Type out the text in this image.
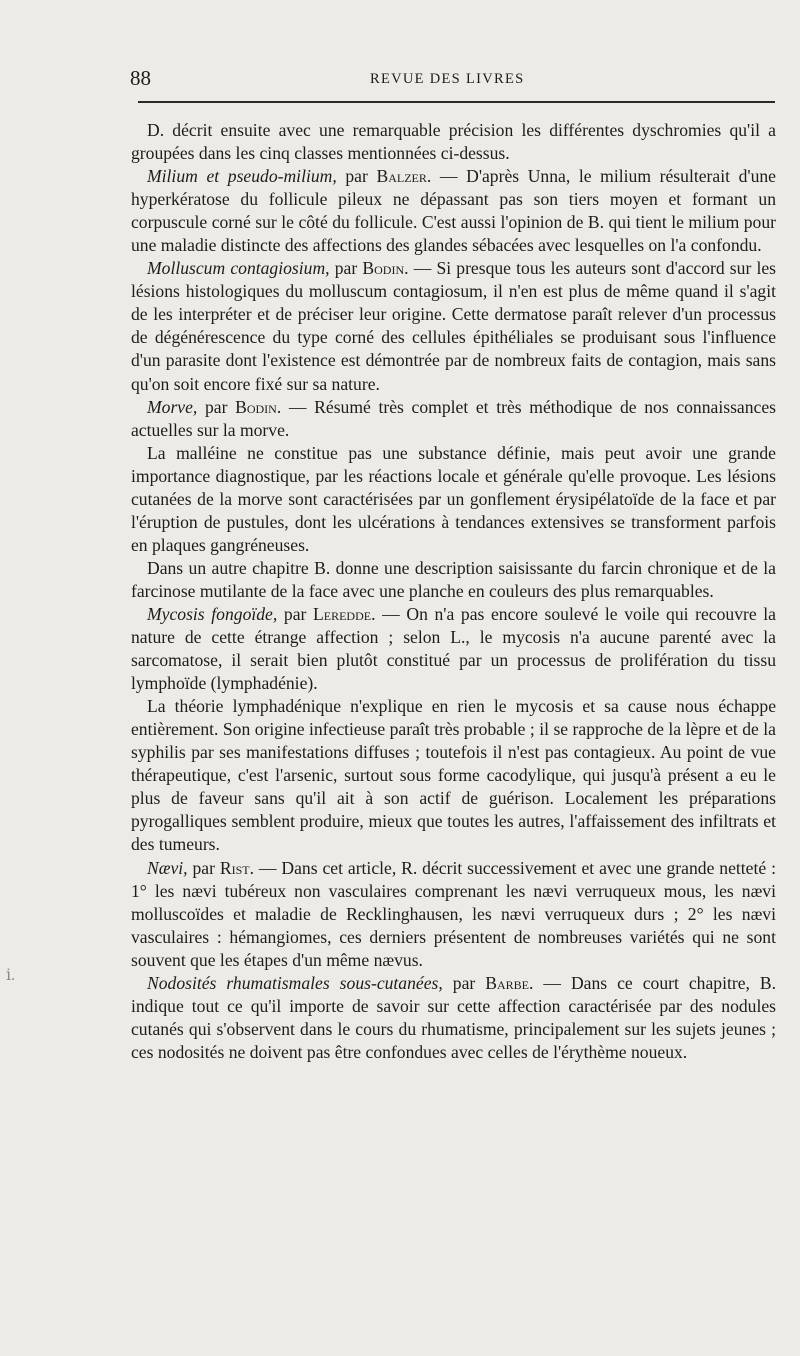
88	REVUE DES LIVRES

D. décrit ensuite avec une remarquable précision les différentes dyschromies qu'il a groupées dans les cinq classes mentionnées ci-dessus.

Milium et pseudo-milium, par Balzer. — D'après Unna, le milium résulterait d'une hyperkératose du follicule pileux ne dépassant pas son tiers moyen et formant un corpuscule corné sur le côté du follicule. C'est aussi l'opinion de B. qui tient le milium pour une maladie distincte des affections des glandes sébacées avec lesquelles on l'a confondu.

Molluscum contagiosium, par Bodin. — Si presque tous les auteurs sont d'accord sur les lésions histologiques du molluscum contagiosum, il n'en est plus de même quand il s'agit de les interpréter et de préciser leur origine. Cette dermatose paraît relever d'un processus de dégénérescence du type corné des cellules épithéliales se produisant sous l'influence d'un parasite dont l'existence est démontrée par de nombreux faits de contagion, mais sans qu'on soit encore fixé sur sa nature.

Morve, par Bodin. — Résumé très complet et très méthodique de nos connaissances actuelles sur la morve.

La malléine ne constitue pas une substance définie, mais peut avoir une grande importance diagnostique, par les réactions locale et générale qu'elle provoque. Les lésions cutanées de la morve sont caractérisées par un gonflement érysipélatoïde de la face et par l'éruption de pustules, dont les ulcérations à tendances extensives se transforment parfois en plaques gangréneuses.

Dans un autre chapitre B. donne une description saisissante du farcin chronique et de la farcinose mutilante de la face avec une planche en couleurs des plus remarquables.

Mycosis fongoïde, par Leredde. — On n'a pas encore soulevé le voile qui recouvre la nature de cette étrange affection ; selon L., le mycosis n'a aucune parenté avec la sarcomatose, il serait bien plutôt constitué par un processus de prolifération du tissu lymphoïde (lymphadénie).

La théorie lymphadénique n'explique en rien le mycosis et sa cause nous échappe entièrement. Son origine infectieuse paraît très probable ; il se rapproche de la lèpre et de la syphilis par ses manifestations diffuses ; toutefois il n'est pas contagieux. Au point de vue thérapeutique, c'est l'arsenic, surtout sous forme cacodylique, qui jusqu'à présent a eu le plus de faveur sans qu'il ait à son actif de guérison. Localement les préparations pyrogalliques semblent produire, mieux que toutes les autres, l'affaissement des infiltrats et des tumeurs.

Nævi, par Rist. — Dans cet article, R. décrit successivement et avec une grande netteté : 1° les nævi tubéreux non vasculaires comprenant les nævi verruqueux mous, les nævi molluscoïdes et maladie de Recklinghausen, les nævi verruqueux durs ; 2° les nævi vasculaires : hémangiomes, ces derniers présentent de nombreuses variétés qui ne sont souvent que les étapes d'un même nævus.

Nodosités rhumatismales sous-cutanées, par Barbe. — Dans ce court chapitre, B. indique tout ce qu'il importe de savoir sur cette affection caractérisée par des nodules cutanés qui s'observent dans le cours du rhumatisme, principalement sur les sujets jeunes ; ces nodosités ne doivent pas être confondues avec celles de l'érythème noueux.

ⅰ.
